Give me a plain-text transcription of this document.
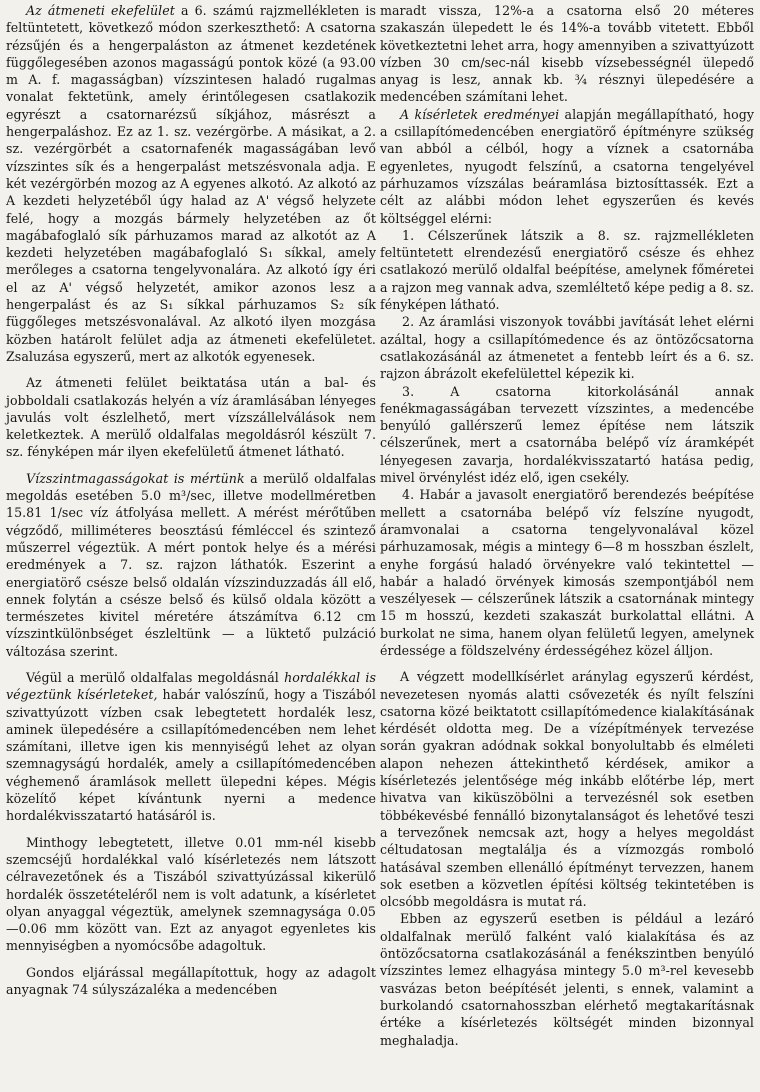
Az átmeneti ekefelület a 6. számú rajzmellékleten is feltüntetett, következő módon szerkeszthető: A csatorna rézsűjén és a hengerpaláston az átmenet kezdetének függőlegesében azonos magasságú pontok közé (a 93.00 m A. f. magasságban) vízszintesen haladó rugalmas vonalat fektetünk, amely érintőlegesen csatlakozik egyrészt a csatornarézsű síkjához, másrészt a hengerpaláshoz. Ez az 1. sz. vezérgörbe. A másikat, a 2. sz. vezérgörbét a csatornafenék magasságában levő vízszintes sík és a hengerpalást metszésvonala adja. E két vezérgörbén mozog az A egyenes alkotó. Az alkotó az A kezdeti helyzetéből úgy halad az A' végső helyzete felé, hogy a mozgás bármely helyzetében az őt magábafoglaló sík párhuzamos marad az alkotót az A kezdeti helyzetében magábafoglaló S₁ síkkal, amely merőleges a csatorna tengelyvonalára. Az alkotó így éri el az A' végső helyzetét, amikor azonos lesz a hengerpalást és az S₁ síkkal párhuzamos S₂ sík függőleges metszésvonalával. Az alkotó ilyen mozgása közben határolt felület adja az átmeneti ekefelületet. Zsaluzása egyszerű, mert az alkotók egyenesek.

Az átmeneti felület beiktatása után a bal- és jobboldali csatlakozás helyén a víz áramlásában lényeges javulás volt észlelhető, mert vízszállelválások nem keletkeztek. A merülő oldalfalas megoldásról készült 7. sz. fényképen már ilyen ekefelületű átmenet látható.

Vízszintmagasságokat is mértünk a merülő oldalfalas megoldás esetében 5.0 m³/sec, illetve modellméretben 15.81 1/sec víz átfolyása mellett. A mérést mérőtűben végződő, milliméteres beosztású fémléccel és szintező műszerrel végeztük. A mért pontok helye és a mérési eredmények a 7. sz. rajzon láthatók. Eszerint a energiatörő csésze belső oldalán vízszinduzzadás áll elő, ennek folytán a csésze belső és külső oldala között a természetes kivitel méretére átszámítva 6.12 cm vízszintkülönbséget észleltünk — a lüktető pulzáció változása szerint.

Végül a merülő oldalfalas megoldásnál hordalékkal is végeztünk kísérleteket, habár valószínű, hogy a Tiszából szivattyúzott vízben csak lebegtetett hordalék lesz, aminek ülepedésére a csillapítómedencében nem lehet számítani, illetve igen kis mennyiségű lehet az olyan szemnagyságú hordalék, amely a csillapítómedencében véghemenő áramlások mellett ülepedni képes. Mégis közelítő képet kívántunk nyerni a medence hordalékvisszatartó hatásáról is.

Minthogy lebegtetett, illetve 0.01 mm-nél kisebb szemcséjű hordalékkal való kísérletezés nem látszott célravezetőnek és a Tiszából szivattyúzással kikerülő hordalék összetételéről nem is volt adatunk, a kísérletet olyan anyaggal végeztük, amelynek szemnagysága 0.05—0.06 mm között van. Ezt az anyagot egyenletes kis mennyiségben a nyomócsőbe adagoltuk.

Gondos eljárással megállapítottuk, hogy az adagolt anyagnak 74 súlyszázaléka a medencében

maradt vissza, 12%-a a csatorna első 20 méteres szakaszán ülepedett le és 14%-a tovább vitetett. Ebből következtetni lehet arra, hogy amennyiben a szivattyúzott vízben 30 cm/sec-nál kisebb vízsebességnél ülepedő anyag is lesz, annak kb. ¾ résznyi ülepedésére a medencében számítani lehet.

A kísérletek eredményei alapján megállapítható, hogy a csillapítómedencében energiatörő építményre szükség van abból a célból, hogy a víznek a csatornába egyenletes, nyugodt felszínű, a csatorna tengelyével párhuzamos vízszálas beáramlása biztosíttassék. Ezt a célt az alábbi módon lehet egyszerűen és kevés költséggel elérni:

1. Célszerűnek látszik a 8. sz. rajzmellékleten feltüntetett elrendezésű energiatörő csésze és ehhez csatlakozó merülő oldalfal beépítése, amelynek főméretei a rajzon meg vannak adva, szemléltető képe pedig a 8. sz. fényképen látható.

2. Az áramlási viszonyok további javítását lehet elérni azáltal, hogy a csillapítómedence és az öntözőcsatorna csatlakozásánál az átmenetet a fentebb leírt és a 6. sz. rajzon ábrázolt ekefelülettel képezik ki.

3. A csatorna kitorkolásánál annak fenékmagasságában tervezett vízszintes, a medencébe benyúló gallérszerű lemez építése nem látszik célszerűnek, mert a csatornába belépő víz áramképét lényegesen zavarja, hordalékvisszatartó hatása pedig, mivel örvénylést idéz elő, igen csekély.

4. Habár a javasolt energiatörő berendezés beépítése mellett a csatornába belépő víz felszíne nyugodt, áramvonalai a csatorna tengelyvonalával közel párhuzamosak, mégis a mintegy 6—8 m hosszban észlelt, enyhe forgású haladó örvényekre való tekintettel — habár a haladó örvények kimosás szempontjából nem veszélyesek — célszerűnek látszik a csatornának mintegy 15 m hosszú, kezdeti szakaszát burkolattal ellátni. A burkolat ne sima, hanem olyan felületű legyen, amelynek érdessége a földszelvény érdességéhez közel álljon.

A végzett modellkísérlet aránylag egyszerű kérdést, nevezetesen nyomás alatti csővezeték és nyílt felszíni csatorna közé beiktatott csillapítómedence kialakításának kérdését oldotta meg. De a vízépítmények tervezése során gyakran adódnak sokkal bonyolultabb és elméleti alapon nehezen áttekinthető kérdések, amikor a kísérletezés jelentősége még inkább előtérbe lép, mert hivatva van kiküszöbölni a tervezésnél sok esetben többékevésbé fennálló bizonytalanságot és lehetővé teszi a tervezőnek nemcsak azt, hogy a helyes megoldást céltudatosan megtalálja és a vízmozgás romboló hatásával szemben ellenálló építményt tervezzen, hanem sok esetben a közvetlen építési költség tekintetében is olcsóbb megoldásra is mutat rá.

Ebben az egyszerű esetben is például a lezáró oldalfalnak merülő falként való kialakítása és az öntözőcsatorna csatlakozásánál a fenékszintben benyúló vízszintes lemez elhagyása mintegy 5.0 m³-rel kevesebb vasvázas beton beépítését jelenti, s ennek, valamint a burkolandó csatornahosszban elérhető megtakarításnak értéke a kísérletezés költségét minden bizonnyal meghaladja.
